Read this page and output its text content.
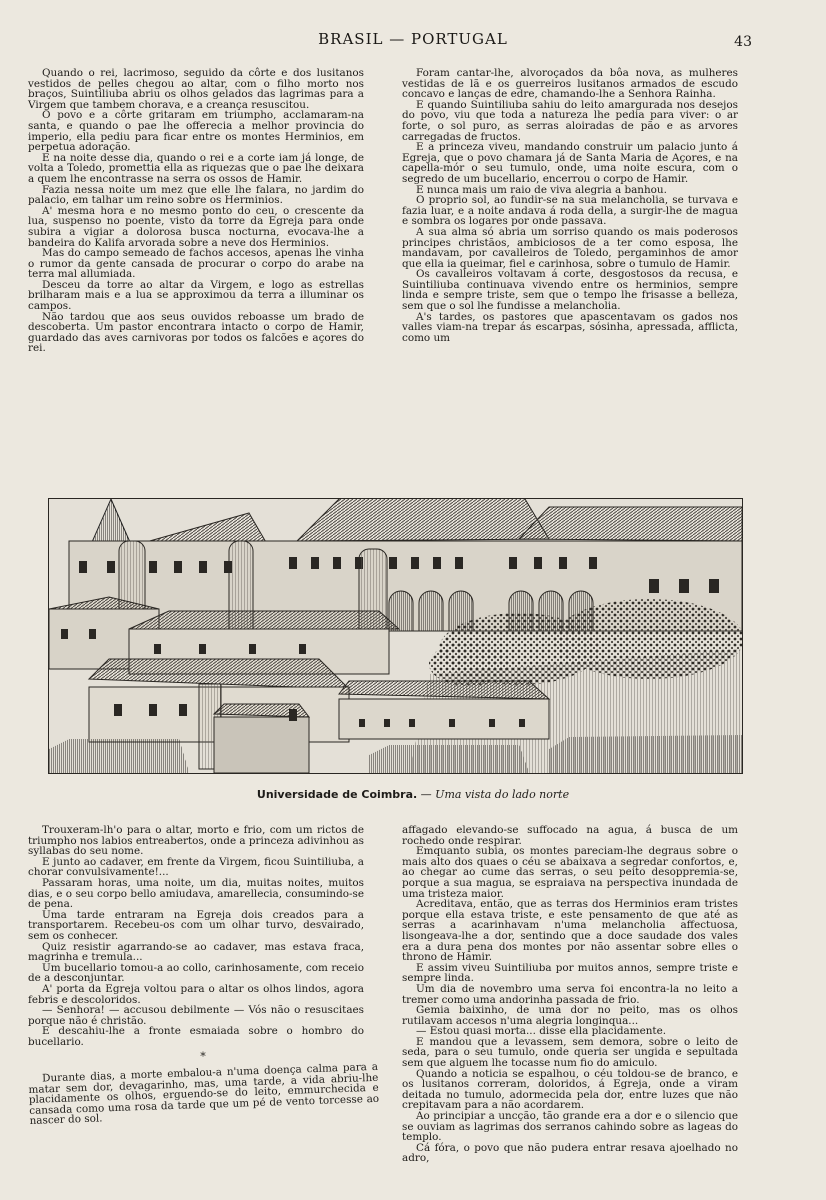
BRASIL — PORTUGAL	43

Quando o rei, lacrimoso, seguido da côrte e dos lusitanos vestidos de pelles chegou ao altar, com o filho morto nos braços, Suintiliuba abriu os olhos gelados das lagrimas para a Virgem que tambem chorava, e a creança resuscitou.

O povo e a côrte gritaram em triumpho, acclamaram-na santa, e quando o pae lhe offerecia a melhor provincia do imperio, ella pediu para ficar entre os montes Herminios, em perpetua adoração.

E na noite desse dia, quando o rei e a corte iam já longe, de volta a Toledo, promettia ella as riquezas que o pae lhe deixara a quem lhe encontrasse na serra os ossos de Hamir.

Fazia nessa noite um mez que elle lhe falara, no jardim do palacio, em talhar um reino sobre os Herminios.

A' mesma hora e no mesmo ponto do ceu, o crescente da lua, suspenso no poente, visto da torre da Egreja para onde subira a vigiar a dolorosa busca nocturna, evocava-lhe a bandeira do Kalifa arvorada sobre a neve dos Herminios.

Mas do campo semeado de fachos accesos, apenas lhe vinha o rumor da gente cansada de procurar o corpo do arabe na terra mal allumiada.

Desceu da torre ao altar da Virgem, e logo as estrellas brilharam mais e a lua se approximou da terra a illuminar os campos.

Não tardou que aos seus ouvidos reboasse um brado de descoberta. Um pastor encontrara intacto o corpo de Hamir, guardado das aves carnivoras por todos os falcões e açores do rei.

Foram cantar-lhe, alvoroçados da bôa nova, as mulheres vestidas de lã e os guerreiros lusitanos armados de escudo concavo e lanças de edre, chamando-lhe a Senhora Rainha.

E quando Suintiliuba sahiu do leito amargurada nos desejos do povo, viu que toda a natureza lhe pedia para viver: o ar forte, o sol puro, as serras aloiradas de pão e as arvores carregadas de fructos.

E a princeza viveu, mandando construir um palacio junto á Egreja, que o povo chamara já de Santa Maria de Açores, e na capella-mór o seu tumulo, onde, uma noite escura, com o segredo de um bucellario, encerrou o corpo de Hamir.

E nunca mais um raio de viva alegria a banhou.

O proprio sol, ao fundir-se na sua melancholia, se turvava e fazia luar, e a noite andava á roda della, a surgir-lhe de magua e sombra os logares por onde passava.

A sua alma só abria um sorriso quando os mais poderosos principes christãos, ambiciosos de a ter como esposa, lhe mandavam, por cavalleiros de Toledo, pergaminhos de amor que ella ia queimar, fiel e carinhosa, sobre o tumulo de Hamir.

Os cavalleiros voltavam á corte, desgostosos da recusa, e Suintiliuba continuava vivendo entre os herminios, sempre linda e sempre triste, sem que o tempo lhe frisasse a belleza, sem que o sol lhe fundisse a melancholia.

A's tardes, os pastores que apascentavam os gados nos valles viam-na trepar ás escarpas, sósinha, apressada, afflicta, como um

Universidade de Coimbra. — Uma vista do lado norte

Trouxeram-lh'o para o altar, morto e frio, com um rictos de triumpho nos labios entreabertos, onde a princeza adivinhou as syllabas do seu nome.

E junto ao cadaver, em frente da Virgem, ficou Suintiliuba, a chorar convulsivamente!...

Passaram horas, uma noite, um dia, muitas noites, muitos dias, e o seu corpo bello amiudava, amarellecia, consumindo-se de pena.

Uma tarde entraram na Egreja dois creados para a transportarem. Recebeu-os com um olhar turvo, desvairado, sem os conhecer.

Quiz resistir agarrando-se ao cadaver, mas estava fraca, magrinha e tremula...

Um bucellario tomou-a ao collo, carinhosamente, com receio de a desconjuntar.

A' porta da Egreja voltou para o altar os olhos lindos, agora febris e descoloridos.

— Senhora! — accusou debilmente — Vós não o resuscitaes porque não é christão.

E descahiu-lhe a fronte esmaiada sobre o hombro do bucellario.

*

Durante dias, a morte embalou-a n'uma doença calma para a matar sem dor, devagarinho, mas, uma tarde, a vida abriu-lhe placidamente os olhos, erguendo-se do leito, emmurchecida e cansada como uma rosa da tarde que um pé de vento torcesse ao nascer do sol.

affagado elevando-se suffocado na agua, á busca de um rochedo onde respirar.

Emquanto subia, os montes pareciam-lhe degraus sobre o mais alto dos quaes o céu se abaixava a segredar confortos, e, ao chegar ao cume das serras, o seu peito desoppremia-se, porque a sua magua, se espraiava na perspectiva inundada de uma tristeza maior.

Acreditava, então, que as terras dos Herminios eram tristes porque ella estava triste, e este pensamento de que até as serras a acarinhavam n'uma melancholia affectuosa, lisongeava-lhe a dor, sentindo que a doce saudade dos vales era a dura pena dos montes por não assentar sobre elles o throno de Hamir.

E assim viveu Suintiliuba por muitos annos, sempre triste e sempre linda.

Um dia de novembro uma serva foi encontra-la no leito a tremer como uma andorinha passada de frio.

Gemia baixinho, de uma dor no peito, mas os olhos rutilavam accesos n'uma alegria longinqua...

— Estou quasi morta... disse ella placidamente.

E mandou que a levassem, sem demora, sobre o leito de seda, para o seu tumulo, onde queria ser ungida e sepultada sem que alguem lhe tocasse num fio do amiculo.

Quando a noticia se espalhou, o céu toldou-se de branco, e os lusitanos correram, doloridos, á Egreja, onde a viram deitada no tumulo, adormecida pela dor, entre luzes que não crepitavam para a não acordarem.

Ao principiar a uncção, tão grande era a dor e o silencio que se ouviam as lagrimas dos serranos cahindo sobre as lageas do templo.

Cá fóra, o povo que não pudera entrar resava ajoelhado no adro,
